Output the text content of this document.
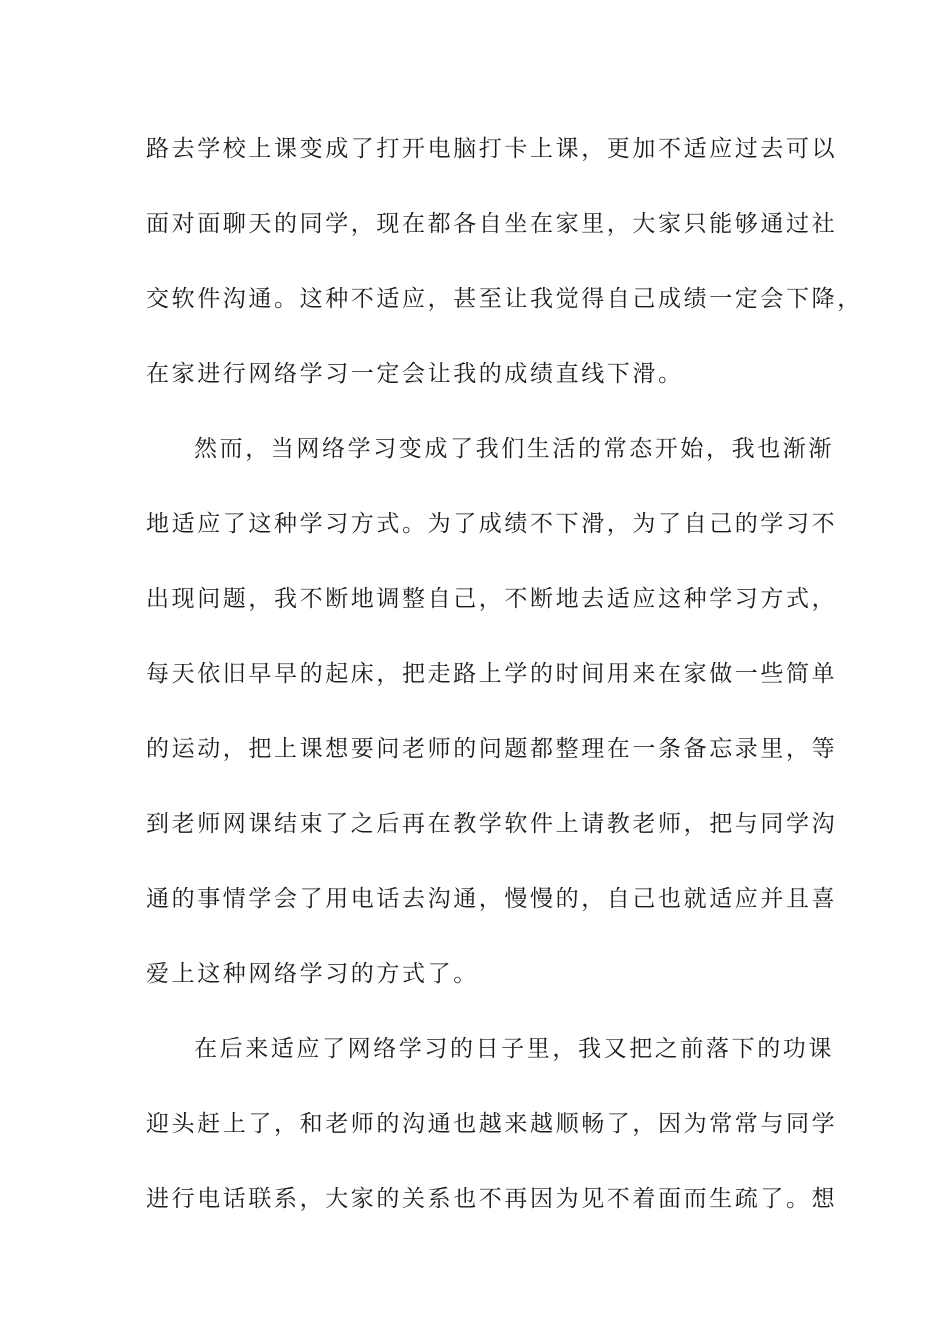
路去学校上课变成了打开电脑打卡上课，更加不适应过去可以
面对面聊天的同学，现在都各自坐在家里，大家只能够通过社
交软件沟通。这种不适应，甚至让我觉得自己成绩一定会下降，
在家进行网络学习一定会让我的成绩直线下滑。
然而，当网络学习变成了我们生活的常态开始，我也渐渐
地适应了这种学习方式。为了成绩不下滑，为了自己的学习不
出现问题，我不断地调整自己，不断地去适应这种学习方式，
每天依旧早早的起床，把走路上学的时间用来在家做一些简单
的运动，把上课想要问老师的问题都整理在一条备忘录里，等
到老师网课结束了之后再在教学软件上请教老师，把与同学沟
通的事情学会了用电话去沟通，慢慢的，自己也就适应并且喜
爱上这种网络学习的方式了。
在后来适应了网络学习的日子里，我又把之前落下的功课
迎头赶上了，和老师的沟通也越来越顺畅了，因为常常与同学
进行电话联系，大家的关系也不再因为见不着面而生疏了。想
